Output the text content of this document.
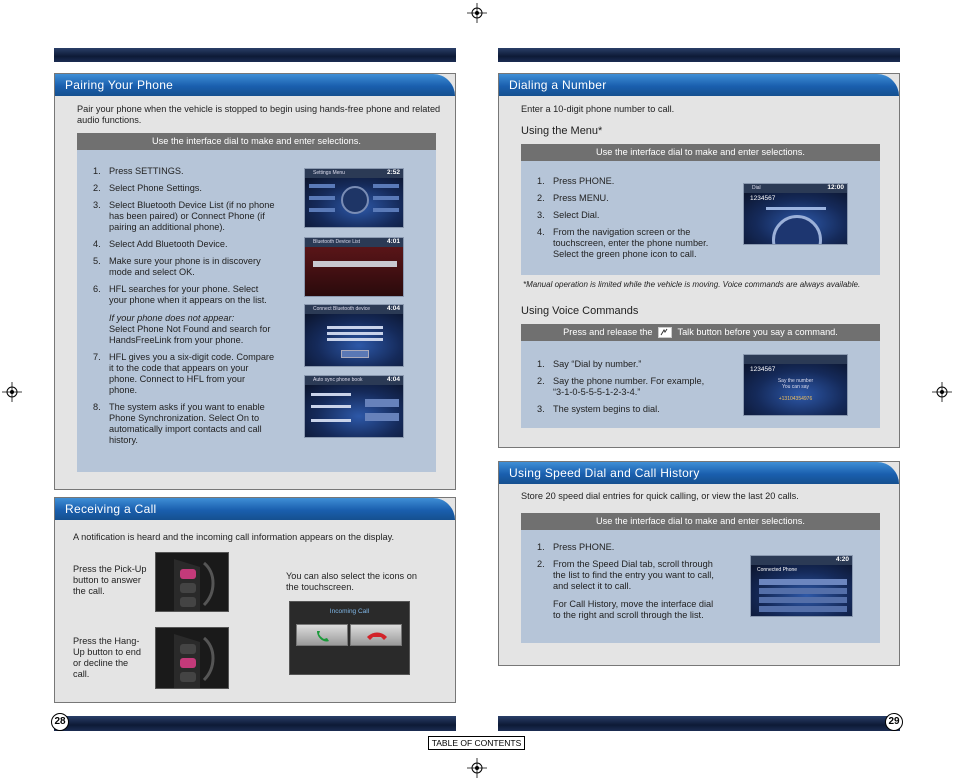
Pairing Your Phone
Pair your phone when the vehicle is stopped to begin using hands-free phone and related audio functions.
Use the interface dial to make and enter selections.
1. Press SETTINGS.
2. Select Phone Settings.
3. Select Bluetooth Device List (if no phone has been paired) or Connect Phone (if pairing an additional phone).
4. Select Add Bluetooth Device.
5. Make sure your phone is in discovery mode and select OK.
6. HFL searches for your phone. Select your phone when it appears on the list.
If your phone does not appear:
Select Phone Not Found and search for HandsFreeLink from your phone.
7. HFL gives you a six-digit code. Compare it to the code that appears on your phone. Connect to HFL from your phone.
8. The system asks if you want to enable Phone Synchronization. Select On to automatically import contacts and call history.
Settings Menu	2:52
Bluetooth Device List	4:01
Connect Bluetooth device	4:04
Auto sync phone book	4:04
Receiving a Call
A notification is heard and the incoming call information appears on the display.
Press the Pick-Up button to answer the call.
Press the Hang-Up button to end or decline the call.
You can also select the icons on the touchscreen.
Incoming Call
Dialing a Number
Enter a 10-digit phone number to call.
Using the Menu*
Use the interface dial to make and enter selections.
1. Press PHONE.
2. Press MENU.
3. Select Dial.
4. From the navigation screen or the touchscreen, enter the phone number. Select the green phone icon to call.
Dial	12:00
1234567
*Manual operation is limited while the vehicle is moving. Voice commands are always available.
Using Voice Commands
Press and release the	Talk button before you say a command.
1. Say “Dial by number.”
2. Say the phone number. For example, “3-1-0-5-5-5-1-2-3-4.”
3. The system begins to dial.
1234567
Say the number
You can say
+13104354976
Using Speed Dial and Call History
Store 20 speed dial entries for quick calling, or view the last 20 calls.
Use the interface dial to make and enter selections.
1. Press PHONE.
2. From the Speed Dial tab, scroll through the list to find the entry you want to call, and select it to call.
For Call History, move the interface dial to the right and scroll through the list.
4:20
Connected Phone
28	29
TABLE OF CONTENTS
